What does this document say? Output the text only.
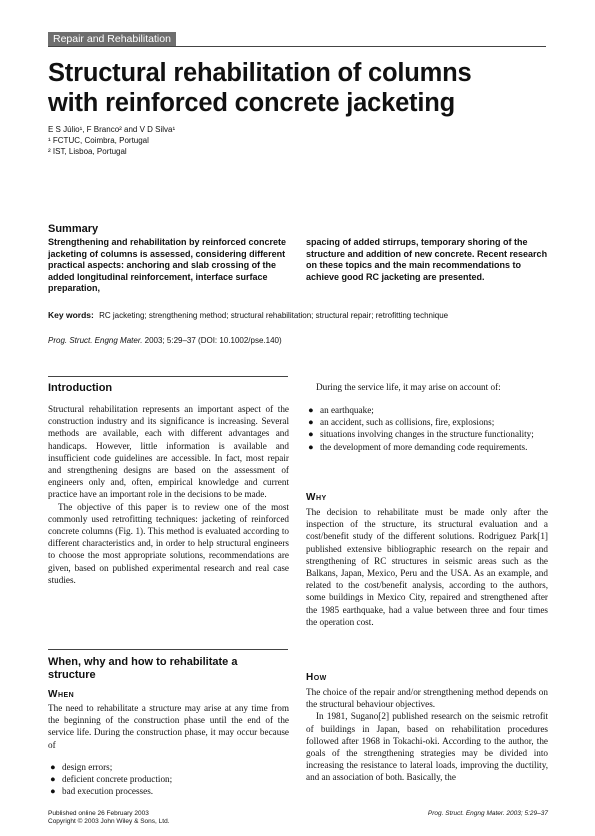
Repair and Rehabilitation
Structural rehabilitation of columns
with reinforced concrete jacketing
E S Júlio¹, F Branco² and V D Silva¹
¹ FCTUC, Coimbra, Portugal
² IST, Lisboa, Portugal
Summary
Strengthening and rehabilitation by reinforced concrete jacketing of columns is assessed, considering different practical aspects: anchoring and slab crossing of the added longitudinal reinforcement, interface surface preparation,
spacing of added stirrups, temporary shoring of the structure and addition of new concrete. Recent research on these topics and the main recommendations to achieve good RC jacketing are presented.
Key words: RC jacketing; strengthening method; structural rehabilitation; structural repair; retrofitting technique
Prog. Struct. Engng Mater. 2003; 5:29–37 (DOI: 10.1002/pse.140)
Introduction

Structural rehabilitation represents an important aspect of the construction industry and its significance is increasing. Several methods are available, each with different advantages and handicaps. However, little information is available and insufficient code guidelines are accessible. In fact, most repair and strengthening designs are based on the assessment of engineers only and, often, empirical knowledge and current practice have an important role in the decisions to be made.

The objective of this paper is to review one of the most commonly used retrofitting techniques: jacketing of reinforced concrete columns (Fig. 1). This method is evaluated according to different characteristics and, in order to help structural engineers to choose the most appropriate solutions, recommendations are given, based on published experimental research and real case studies.

When, why and how to rehabilitate a structure
When

The need to rehabilitate a structure may arise at any time from the beginning of the construction phase until the end of the service life. During the construction phase, it may occur because of

● design errors;
● deficient concrete production;
● bad execution processes.

During the service life, it may arise on account of:

● an earthquake;
● an accident, such as collisions, fire, explosions;
● situations involving changes in the structure functionality;
● the development of more demanding code requirements.
Why

The decision to rehabilitate must be made only after the inspection of the structure, its structural evaluation and a cost/benefit study of the different solutions. Rodriguez Park[1] published extensive bibliographic research on the repair and strengthening of RC structures in seismic areas such as the Balkans, Japan, Mexico, Peru and the USA. As an example, and related to the cost/benefit analysis, according to the authors, some buildings in Mexico City, repaired and strengthened after the 1985 earthquake, had a value between three and four times the operation cost.

How

The choice of the repair and/or strengthening method depends on the structural behaviour objectives.

In 1981, Sugano[2] published research on the seismic retrofit of buildings in Japan, based on rehabilitation procedures followed after 1968 in Tokachi-oki. According to the author, the goals of the strengthening strategies may be divided into increasing the resistance to lateral loads, improving the ductility, and an association of both. Basically, the

Published online 26 February 2003
Copyright © 2003 John Wiley & Sons, Ltd.
Prog. Struct. Engng Mater. 2003; 5:29–37
